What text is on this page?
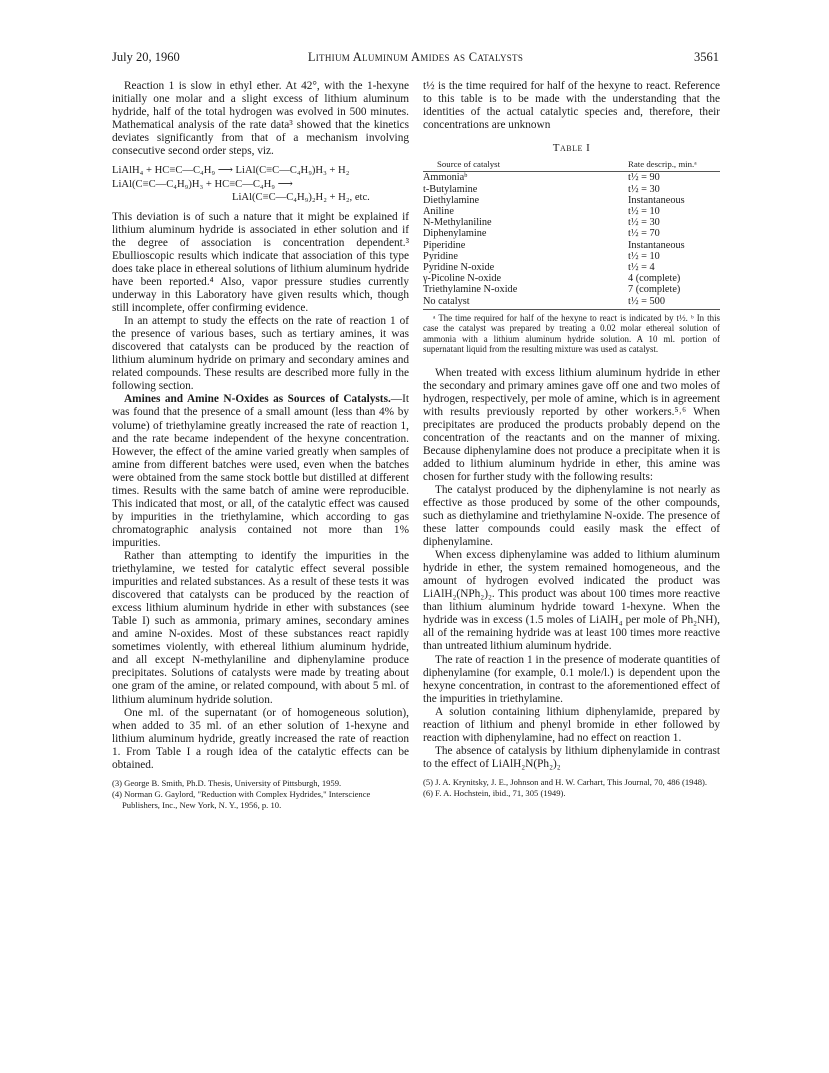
July 20, 1960	Lithium Aluminum Amides as Catalysts	3561

Reaction 1 is slow in ethyl ether. At 42°, with the 1-hexyne initially one molar and a slight excess of lithium aluminum hydride, half of the total hydrogen was evolved in 500 minutes. Mathematical analysis of the rate data³ showed that the kinetics deviates significantly from that of a mechanism involving consecutive second order steps, viz.

LiAlH₄ + HC≡C—C₄H₉ ⟶ LiAl(C≡C—C₄H₉)H₃ + H₂
LiAl(C≡C—C₄H₉)H₃ + HC≡C—C₄H₉ ⟶
LiAl(C≡C—C₄H₉)₂H₂ + H₂, etc.

This deviation is of such a nature that it might be explained if lithium aluminum hydride is associated in ether solution and if the degree of association is concentration dependent.³ Ebullioscopic results which indicate that association of this type does take place in ethereal solutions of lithium aluminum hydride have been reported.⁴ Also, vapor pressure studies currently underway in this Laboratory have given results which, though still incomplete, offer confirming evidence.

In an attempt to study the effects on the rate of reaction 1 of the presence of various bases, such as tertiary amines, it was discovered that catalysts can be produced by the reaction of lithium aluminum hydride on primary and secondary amines and related compounds. These results are described more fully in the following section.

Amines and Amine N-Oxides as Sources of Catalysts.—It was found that the presence of a small amount (less than 4% by volume) of triethylamine greatly increased the rate of reaction 1, and the rate became independent of the hexyne concentration. However, the effect of the amine varied greatly when samples of amine from different batches were used, even when the batches were obtained from the same stock bottle but distilled at different times. Results with the same batch of amine were reproducible. This indicated that most, or all, of the catalytic effect was caused by impurities in the triethylamine, which according to gas chromatographic analysis contained not more than 1% impurities.

Rather than attempting to identify the impurities in the triethylamine, we tested for catalytic effect several possible impurities and related substances. As a result of these tests it was discovered that catalysts can be produced by the reaction of excess lithium aluminum hydride in ether with substances (see Table I) such as ammonia, primary amines, secondary amines and amine N-oxides. Most of these substances react rapidly sometimes violently, with ethereal lithium aluminum hydride, and all except N-methylaniline and diphenylamine produce precipitates. Solutions of catalysts were made by treating about one gram of the amine, or related compound, with about 5 ml. of lithium aluminum hydride solution.

One ml. of the supernatant (or of homogeneous solution), when added to 35 ml. of an ether solution of 1-hexyne and lithium aluminum hydride, greatly increased the rate of reaction 1. From Table I a rough idea of the catalytic effects can be obtained.

(3) George B. Smith, Ph.D. Thesis, University of Pittsburgh, 1959.
(4) Norman G. Gaylord, "Reduction with Complex Hydrides," Interscience Publishers, Inc., New York, N. Y., 1956, p. 10.

t½ is the time required for half of the hexyne to react. Reference to this table is to be made with the understanding that the identities of the actual catalytic species and, therefore, their concentrations are unknown

Table I
Source of catalyst	Rate descrip., min.ᵃ
Ammoniaᵇ	t½ = 90
t-Butylamine	t½ = 30
Diethylamine	Instantaneous
Aniline	t½ = 10
N-Methylaniline	t½ = 30
Diphenylamine	t½ = 70
Piperidine	Instantaneous
Pyridine	t½ = 10
Pyridine N-oxide	t½ = 4
γ-Picoline N-oxide	4 (complete)
Triethylamine N-oxide	7 (complete)
No catalyst	t½ = 500

ᵃ The time required for half of the hexyne to react is indicated by t½. ᵇ In this case the catalyst was prepared by treating a 0.02 molar ethereal solution of ammonia with a lithium aluminum hydride solution. A 10 ml. portion of supernatant liquid from the resulting mixture was used as catalyst.

When treated with excess lithium aluminum hydride in ether the secondary and primary amines gave off one and two moles of hydrogen, respectively, per mole of amine, which is in agreement with results previously reported by other workers.⁵˒⁶ When precipitates are produced the products probably depend on the concentration of the reactants and on the manner of mixing. Because diphenylamine does not produce a precipitate when it is added to lithium aluminum hydride in ether, this amine was chosen for further study with the following results:

The catalyst produced by the diphenylamine is not nearly as effective as those produced by some of the other compounds, such as diethylamine and triethylamine N-oxide. The presence of these latter compounds could easily mask the effect of diphenylamine.

When excess diphenylamine was added to lithium aluminum hydride in ether, the system remained homogeneous, and the amount of hydrogen evolved indicated the product was LiAlH₂(NPh₂)₂. This product was about 100 times more reactive than lithium aluminum hydride toward 1-hexyne. When the hydride was in excess (1.5 moles of LiAlH₄ per mole of Ph₂NH), all of the remaining hydride was at least 100 times more reactive than untreated lithium aluminum hydride.

The rate of reaction 1 in the presence of moderate quantities of diphenylamine (for example, 0.1 mole/l.) is dependent upon the hexyne concentration, in contrast to the aforementioned effect of the impurities in triethylamine.

A solution containing lithium diphenylamide, prepared by reaction of lithium and phenyl bromide in ether followed by reaction with diphenylamine, had no effect on reaction 1.

The absence of catalysis by lithium diphenylamide in contrast to the effect of LiAlH₂N(Ph₂)₂

(5) J. A. Krynitsky, J. E., Johnson and H. W. Carhart, This Journal, 70, 486 (1948).
(6) F. A. Hochstein, ibid., 71, 305 (1949).
